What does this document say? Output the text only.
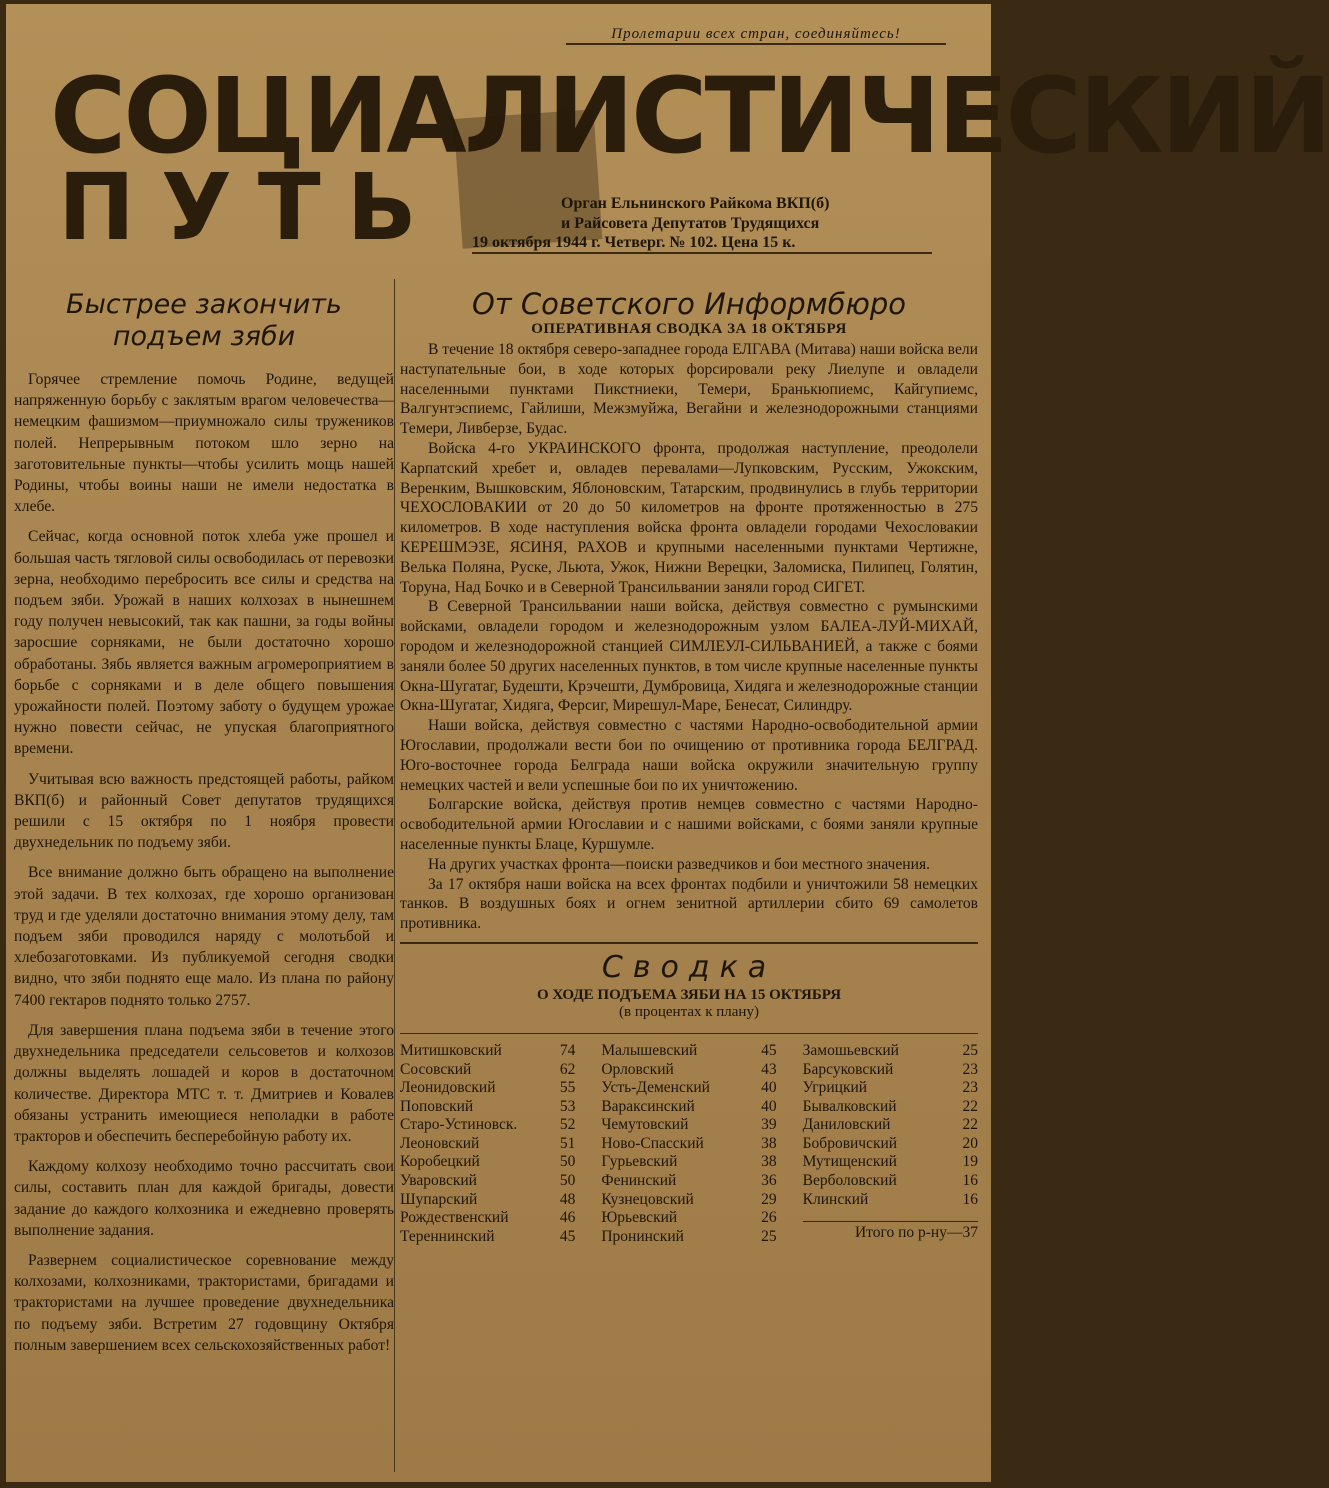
Пролетарии всех стран, соединяйтесь!
СОЦИАЛИСТИЧЕСКИЙ
ПУТЬ	Орган Ельнинского Райкома ВКП(б)
и Райсовета Депутатов Трудящихся
19 октября 1944 г. Четверг. № 102. Цена 15 к.
Быстрее закончить подъем зяби

Горячее стремление помочь Родине, ведущей напряженную борьбу с заклятым врагом человечества—немецким фашизмом—приумножало силы тружеников полей. Непрерывным потоком шло зерно на заготовительные пункты—чтобы усилить мощь нашей Родины, чтобы воины наши не имели недостатка в хлебе.

Сейчас, когда основной поток хлеба уже прошел и большая часть тягловой силы освободилась от перевозки зерна, необходимо перебросить все силы и средства на подъем зяби. Урожай в наших колхозах в нынешнем году получен невысокий, так как пашни, за годы войны заросшие сорняками, не были достаточно хорошо обработаны. Зябь является важным агромероприятием в борьбе с сорняками и в деле общего повышения урожайности полей. Поэтому заботу о будущем урожае нужно повести сейчас, не упуская благоприятного времени.

Учитывая всю важность предстоящей работы, райком ВКП(б) и районный Совет депутатов трудящихся решили с 15 октября по 1 ноября провести двухнедельник по подъему зяби.

Все внимание должно быть обращено на выполнение этой задачи. В тех колхозах, где хорошо организован труд и где уделяли достаточно внимания этому делу, там подъем зяби проводился наряду с молотьбой и хлебозаготовками. Из публикуемой сегодня сводки видно, что зяби поднято еще мало. Из плана по району 7400 гектаров поднято только 2757.

Для завершения плана подъема зяби в течение этого двухнедельника председатели сельсоветов и колхозов должны выделять лошадей и коров в достаточном количестве. Директора МТС т. т. Дмитриев и Ковалев обязаны устранить имеющиеся неполадки в работе тракторов и обеспечить бесперебойную работу их.

Каждому колхозу необходимо точно рассчитать свои силы, составить план для каждой бригады, довести задание до каждого колхозника и ежедневно проверять выполнение задания.

Развернем социалистическое соревнование между колхозами, колхозниками, трактористами, бригадами и трактористами на лучшее проведение двухнедельника по подъему зяби. Встретим 27 годовщину Октября полным завершением всех сельскохозяйственных работ!

От Советского Информбюро
ОПЕРАТИВНАЯ СВОДКА ЗА 18 ОКТЯБРЯ

В течение 18 октября северо-западнее города ЕЛГАВА (Митава) наши войска вели наступательные бои, в ходе которых форсировали реку Лиелупе и овладели населенными пунктами Пикстниеки, Темери, Бранькюпиемс, Кайгупиемс, Валгунтэспиемс, Гайлиши, Межзмуйжа, Вегайни и железнодорожными станциями Темери, Ливберзе, Будас.

Войска 4-го УКРАИНСКОГО фронта, продолжая наступление, преодолели Карпатский хребет и, овладев перевалами—Лупковским, Русским, Ужокским, Веренким, Вышковским, Яблоновским, Татарским, продвинулись в глубь территории ЧЕХОСЛОВАКИИ от 20 до 50 километров на фронте протяженностью в 275 километров. В ходе наступления войска фронта овладели городами Чехословакии КЕРЕШМЭЗЕ, ЯСИНЯ, РАХОВ и крупными населенными пунктами Чертижне, Велька Поляна, Руске, Льюта, Ужок, Нижни Верецки, Заломиска, Пилипец, Голятин, Торуна, Над Бочко и в Северной Трансильвании заняли город СИГЕТ.

В Северной Трансильвании наши войска, действуя совместно с румынскими войсками, овладели городом и железнодорожным узлом БАЛЕА-ЛУЙ-МИХАЙ, городом и железнодорожной станцией СИМЛЕУЛ-СИЛЬВАНИЕЙ, а также с боями заняли более 50 других населенных пунктов, в том числе крупные населенные пункты Окна-Шугатаг, Будешти, Крэчешти, Думбровица, Хидяга и железнодорожные станции Окна-Шугатаг, Хидяга, Ферсиг, Мирешул-Маре, Бенесат, Силиндру.

Наши войска, действуя совместно с частями Народно-освободительной армии Югославии, продолжали вести бои по очищению от противника города БЕЛГРАД. Юго-восточнее города Белграда наши войска окружили значительную группу немецких частей и вели успешные бои по их уничтожению.

Болгарские войска, действуя против немцев совместно с частями Народно-освободительной армии Югославии и с нашими войсками, с боями заняли крупные населенные пункты Блаце, Куршумле.

На других участках фронта—поиски разведчиков и бои местного значения.

За 17 октября наши войска на всех фронтах подбили и уничтожили 58 немецких танков. В воздушных боях и огнем зенитной артиллерии сбито 69 самолетов противника.

Сводка
О ХОДЕ ПОДЪЕМА ЗЯБИ НА 15 ОКТЯБРЯ
(в процентах к плану)
Митишковский	74
Сосовский	62
Леонидовский	55
Поповский	53
Старо-Устиновск.	52
Леоновский	51
Коробецкий	50
Уваровский	50
Шупарский	48
Рождественский	46
Тереннинский	45
Малышевский	45
Орловский	43
Усть-Деменский	40
Вараксинский	40
Чемутовский	39
Ново-Спасский	38
Гурьевский	38
Фенинский	36
Кузнецовский	29
Юрьевский	26
Пронинский	25
Замошьевский	25
Барсуковский	23
Угрицкий	23
Бывалковский	22
Даниловский	22
Бобровичский	20
Мутищенский	19
Верболовский	16
Клинский	16
Итого по р-ну—37
